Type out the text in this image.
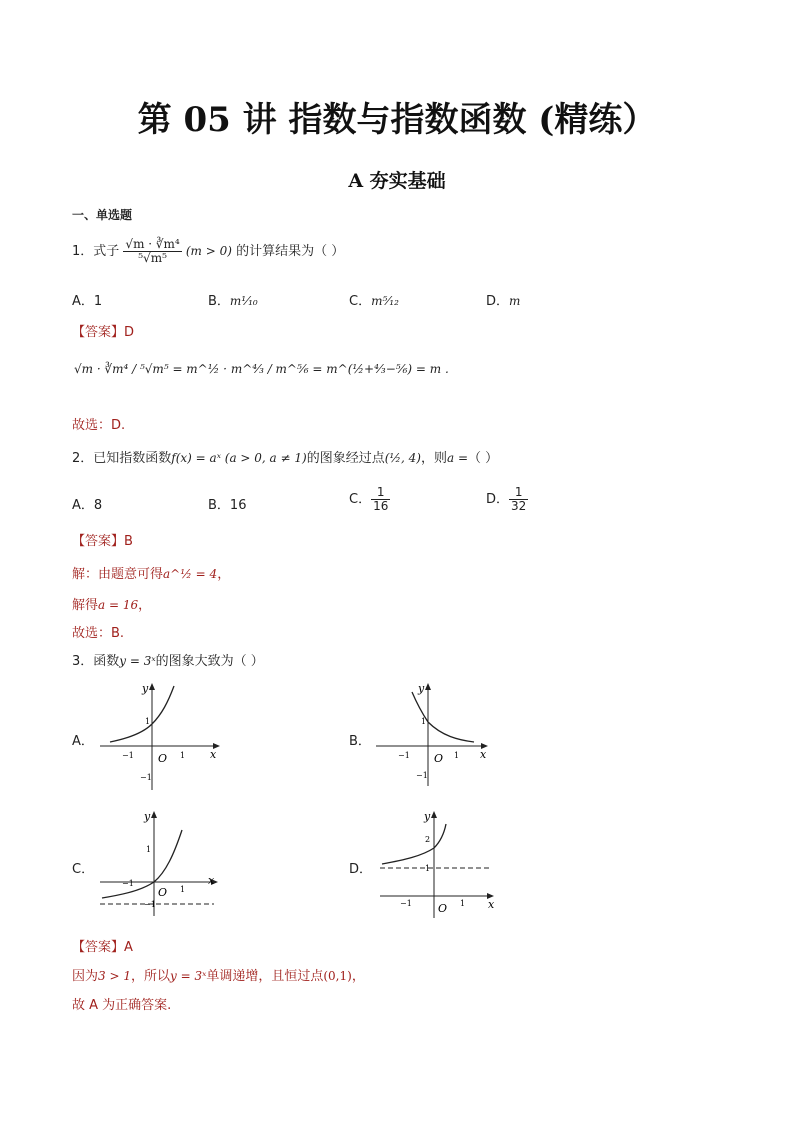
第 05 讲 指数与指数函数 (精练）
A 夯实基础
一、单选题
1．式子 $\frac{\text{√m · ∛m⁴}}{\text{⁵√m⁵}} (m > 0)$ 的计算结果为（ ）
A．1	B．m¹⁄₁₀	C．m⁵⁄₁₂	D．m
【答案】D
√m · ∛m⁴ / ⁵√m⁵ = m^½ · m^⁴⁄₃ / m^⁵⁄₆ = m^(½+⁴⁄₃−⁵⁄₆) = m .
故选：D.
2．已知指数函数f(x) = aˣ (a > 0, a ≠ 1)的图象经过点(½, 4)，则a =（ ）
A．8	B．16	C． $\frac{1}{16}$	D． $\frac{1}{32}$
【答案】B
解：由题意可得a^½ = 4，
解得a = 16，
故选：B.
3．函数y = 3ˣ的图象大致为（ ）
A．
x
y
O
−1	1
1
−1
B．
x
y
O
−1	1
1
−1
C．
x
y
O
−1
1
1
−1
D．
x
y
O
−1	1
1
2
【答案】A
因为3 > 1，所以y = 3ˣ单调递增，且恒过点(0,1)，
故 A 为正确答案.
